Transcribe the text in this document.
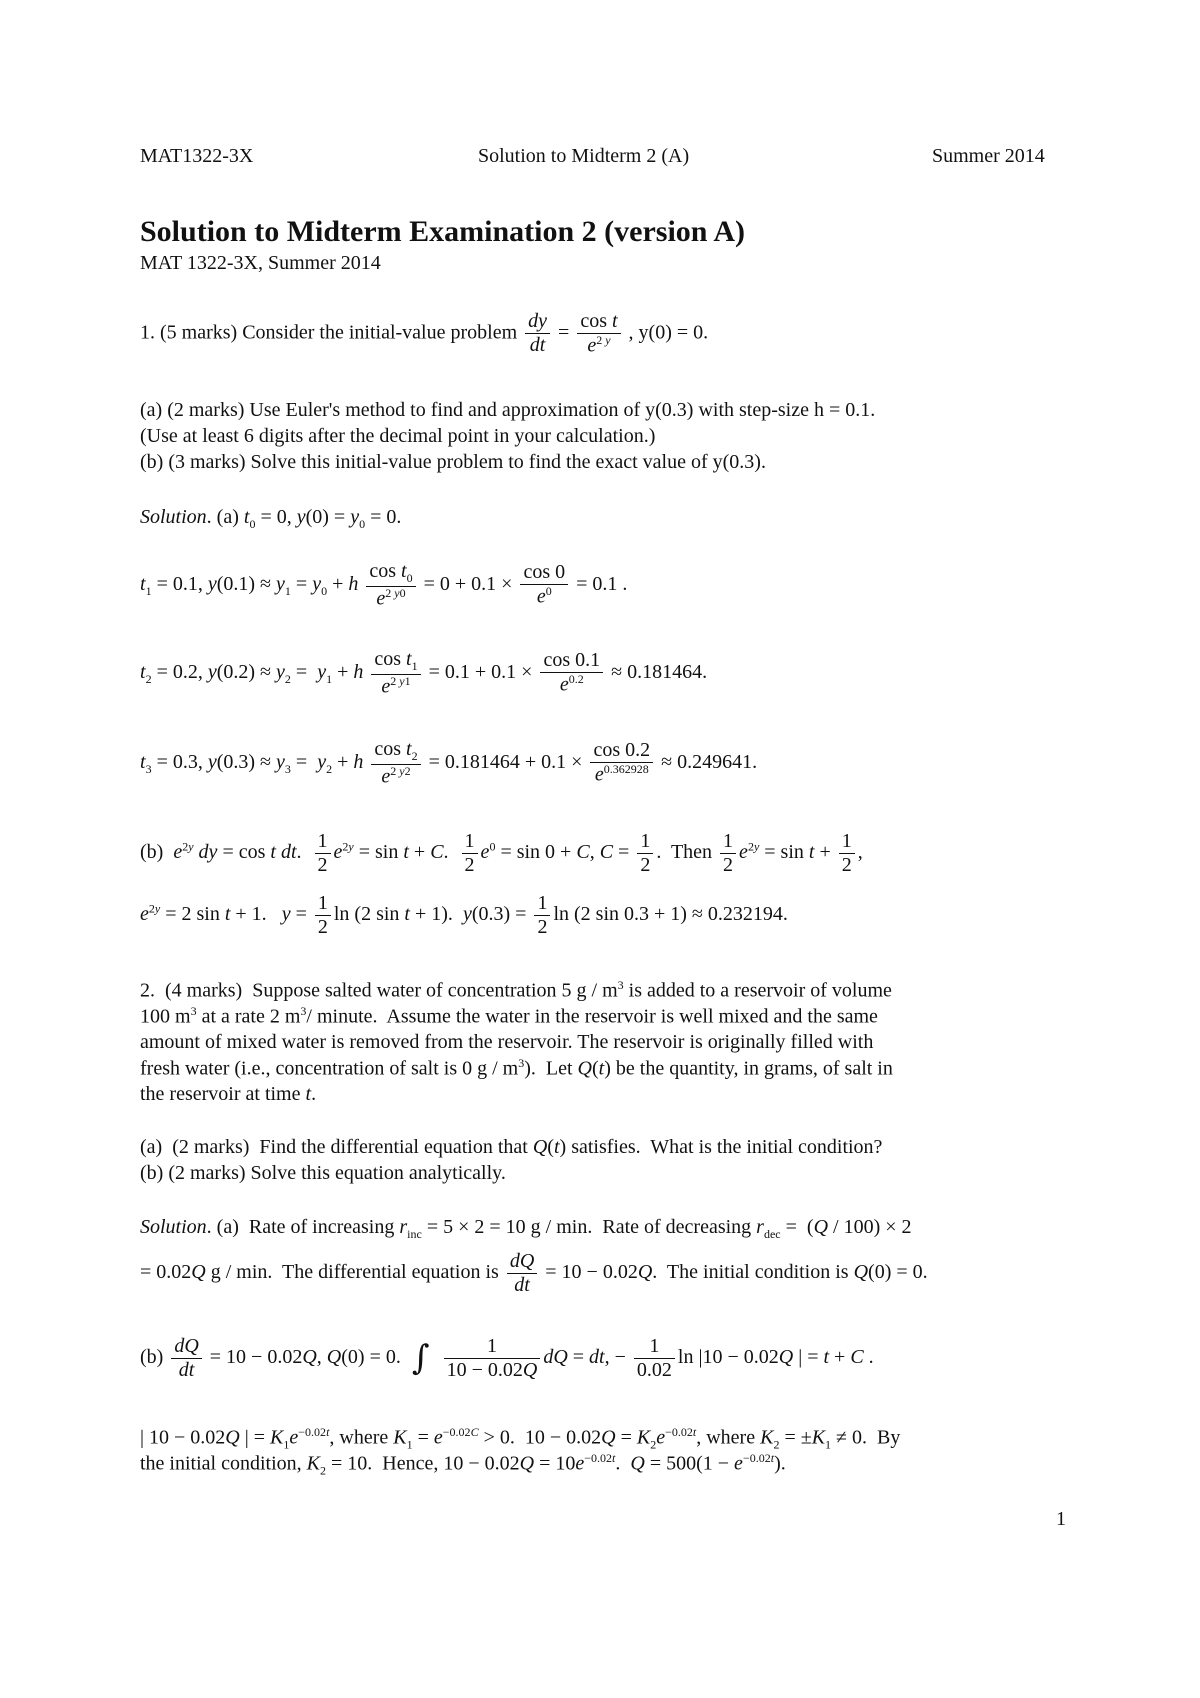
MAT1322-3X	Solution to Midterm 2 (A)	Summer 2014
Solution to Midterm Examination 2 (version A)
MAT 1322-3X, Summer 2014
1. (5 marks) Consider the initial-value problem $\frac{dy}{dt} = \frac{\text{cos t}}{e^{2 y}}$ , y(0) = 0.
(a) (2 marks) Use Euler's method to find and approximation of y(0.3) with step-size h = 0.1.
(Use at least 6 digits after the decimal point in your calculation.)
(b) (3 marks) Solve this initial-value problem to find the exact value of y(0.3).
Solution. (a) $t_0 = 0$, $y(0) = y_0 = 0$.
$t_1 = 0.1$, $y(0.1) \approx y_1 = y_0 + h \frac{\cos t_0}{e^{2 y0}} = 0 + 0.1 \times \frac{\cos 0}{e^0} = 0.1$ .
$t_2 = 0.2$, $y(0.2) \approx y_2 = y_1 + h \frac{\cos t_1}{e^{2 y1}} = 0.1 + 0.1 \times \frac{\cos 0.1}{e^{0.2}} \approx 0.181464$.
$t_3 = 0.3$, $y(0.3) \approx y_3 = y_2 + h \frac{\cos t_2}{e^{2 y2}} = 0.181464 + 0.1 \times \frac{\cos 0.2}{e^{0.362928}} \approx 0.249641$.
(b)  $e^{2y}$ dy = cos t dt. $\frac{1}{2} e^{2y} = \sin t + C$. $\frac{1}{2} e^0 = \sin 0 + C$, $C = \frac{1}{2}$ .  Then $\frac{1}{2} e^{2y} = \sin t + \frac{1}{2}$ ,
$e^{2y} = 2$ sin t + 1.   $y = \frac{1}{2}$ ln (2 sin t + 1).  $y(0.3) = \frac{1}{2}$ ln (2 sin 0.3 + 1) ≈ 0.232194.
2.  (4 marks)  Suppose salted water of concentration 5 g / $m^3$ is added to a reservoir of volume
100 $m^3$ at a rate 2 $m^3/$ minute.  Assume the water in the reservoir is well mixed and the same
amount of mixed water is removed from the reservoir. The reservoir is originally filled with
fresh water (i.e., concentration of salt is 0 g / $m^3$).  Let Q(t) be the quantity, in grams, of salt in
the reservoir at time t.
(a)  (2 marks)  Find the differential equation that Q(t) satisfies.  What is the initial condition?
(b) (2 marks) Solve this equation analytically.
Solution. (a)  Rate of increasing $r_{inc} = 5 \times 2 = 10$ g / min.  Rate of decreasing $r_{dec} = (Q / 100) \times 2$
= 0.02Q g / min.  The differential equation is $\frac{dQ}{dt} = 10 - 0.02Q$.  The initial condition is Q(0) = 0.
$(b) \frac{dQ}{dt} = 10 - 0.02Q$, Q(0) = 0. ∫ $\frac{1}{10 - 0.02Q}$ dQ = dt, − $\frac{1}{0.02}$ ln |10 − 0.02Q | = t + C .
| 10 − 0.02Q | = $K_1e^{-0.02t}$, where $K_1 = e^{-0.02C} > 0$.  $10 - 0.02Q = K_2e^{-0.02t}$, where $K_2 = \pm K_1 \ne 0$.  By
the initial condition, $K_2 = 10$.  Hence, $10 - 0.02Q = 10e^{-0.02t}$.  $Q = 500(1 - e^{-0.02t})$.
1
